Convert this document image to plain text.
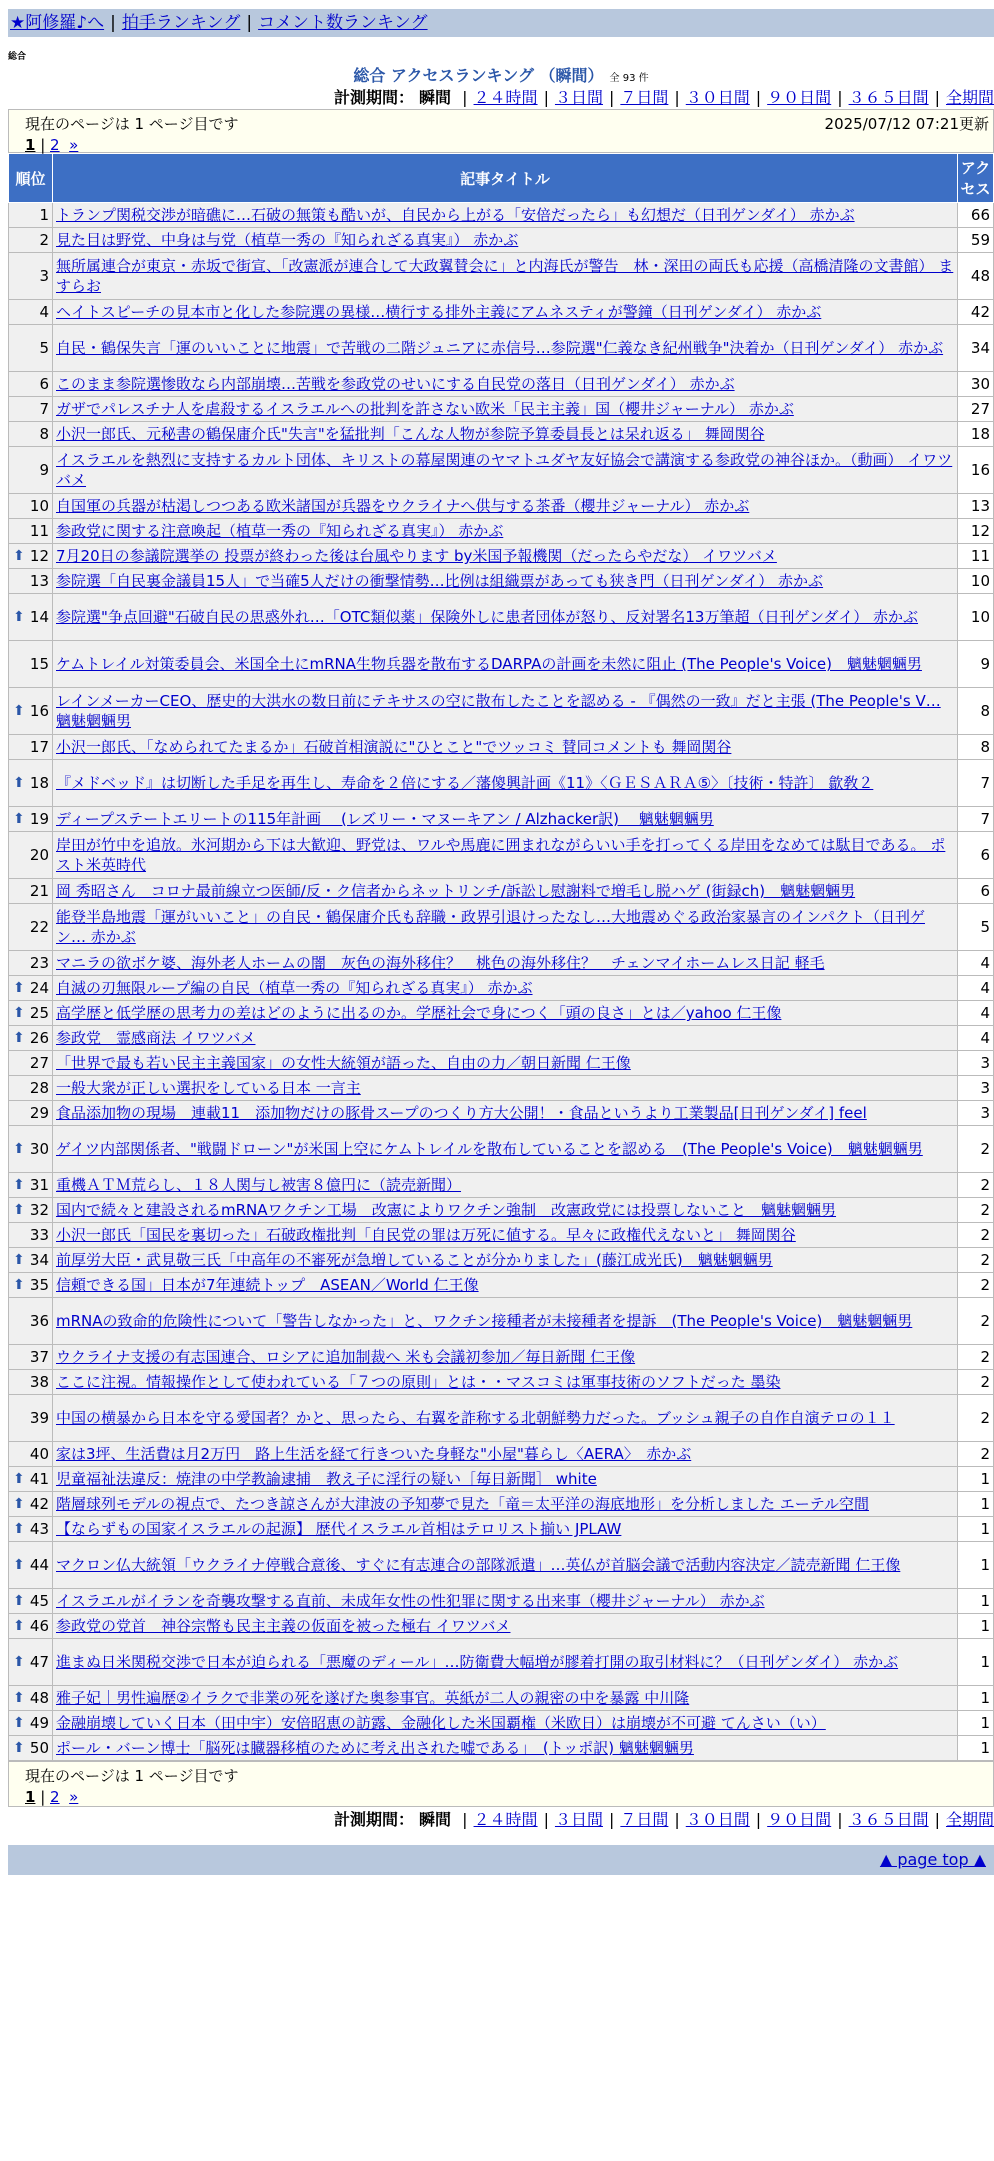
★阿修羅♪へ | 拍手ランキング | コメント数ランキング
総合
総合 アクセスランキング （瞬間） 全 93 件
計測期間： 瞬間 | ２４時間 | ３日間 | ７日間 | ３０日間 | ９０日間 | ３６５日間 | 全期間
現在のページは 1 ページ目です	2025/07/12 07:21更新
1 | 2 »
順位	記事タイトル	アクセス
1	トランプ関税交渉が暗礁に…石破の無策も酷いが、自民から上がる「安倍だったら」も幻想だ（日刊ゲンダイ） 赤かぶ	66
2	見た目は野党、中身は与党（植草一秀の『知られざる真実』） 赤かぶ	59
3	無所属連合が東京・赤坂で街宣、「改憲派が連合して大政翼賛会に」と内海氏が警告　林・深田の両氏も応援（高橋清隆の文書館） ますらお	48
4	ヘイトスピーチの見本市と化した参院選の異様…横行する排外主義にアムネスティが警鐘（日刊ゲンダイ） 赤かぶ	42
5	自民・鶴保失言「運のいいことに地震」で苦戦の二階ジュニアに赤信号…参院選"仁義なき紀州戦争"決着か（日刊ゲンダイ） 赤かぶ	34
6	このまま参院選惨敗なら内部崩壊…苦戦を参政党のせいにする自民党の落日（日刊ゲンダイ） 赤かぶ	30
7	ガザでパレスチナ人を虐殺するイスラエルへの批判を許さない欧米「民主主義」国（櫻井ジャーナル） 赤かぶ	27
8	小沢一郎氏、元秘書の鶴保庸介氏"失言"を猛批判「こんな人物が参院予算委員長とは呆れ返る」 舞岡関谷	18
9	イスラエルを熱烈に支持するカルト団体、キリストの幕屋関連のヤマトユダヤ友好協会で講演する参政党の神谷ほか。（動画） イワツバメ	16
10	自国軍の兵器が枯渇しつつある欧米諸国が兵器をウクライナへ供与する茶番（櫻井ジャーナル） 赤かぶ	13
11	参政党に関する注意喚起（植草一秀の『知られざる真実』） 赤かぶ	12

⬆ 12	7月20日の参議院選挙の 投票が終わった後は台風やります by米国予報機関（だったらやだな） イワツバメ	11
13	参院選「自民裏金議員15人」で当確5人だけの衝撃情勢…比例は組織票があっても狭き門（日刊ゲンダイ） 赤かぶ	10

⬆ 14	参院選"争点回避"石破自民の思惑外れ…「OTC類似薬」保険外しに患者団体が怒り、反対署名13万筆超（日刊ゲンダイ） 赤かぶ	10
15	ケムトレイル対策委員会、米国全土にmRNA生物兵器を散布するDARPAの計画を未然に阻止 (The People's Voice)　魑魅魍魎男	9

⬆ 16	レインメーカーCEO、歴史的大洪水の数日前にテキサスの空に散布したことを認める - 『偶然の一致』だと主張 (The People's V… 魑魅魍魎男	8
17	小沢一郎氏、「なめられてたまるか」石破首相演説に"ひとこと"でツッコミ 賛同コメントも 舞岡関谷	8

⬆ 18	『メドベッド』は切断した手足を再生し、寿命を２倍にする／藩傻興計画《11》〈ＧＥＳＡＲＡ⑤〉〔技術・特許〕 歙敎２	7

⬆ 19	ディープステートエリートの115年計画 　(レズリー・マヌーキアン / Alzhacker訳) 　魑魅魍魎男	7
20	岸田が竹中を追放。氷河期から下は大歓迎、野党は、ワルや馬鹿に囲まれながらいい手を打ってくる岸田をなめては駄目である。 ポスト米英時代	6
21	岡 秀昭さん　コロナ最前線立つ医師/反・ク信者からネットリンチ/訴訟し慰謝料で増毛し脱ハゲ (街録ch)　魑魅魍魎男	6
22	能登半島地震「運がいいこと」の自民・鶴保庸介氏も辞職・政界引退けったなし…大地震めぐる政治家暴言のインパクト（日刊ゲン… 赤かぶ	5
23	マニラの欲ボケ婆、海外老人ホームの闇　灰色の海外移住？　桃色の海外移住？　チェンマイホームレス日記 軽毛	4

⬆ 24	自滅の刃無限ループ編の自民（植草一秀の『知られざる真実』） 赤かぶ	4

⬆ 25	高学歴と低学歴の思考力の差はどのように出るのか。学歴社会で身につく「頭の良さ」とは／yahoo 仁王像	4

⬆ 26	参政党　霊感商法 イワツバメ	4
27	「世界で最も若い民主主義国家」の女性大統領が語った、自由の力／朝日新聞 仁王像	3
28	一般大衆が正しい選択をしている日本 一言主	3
29	食品添加物の現場　連載11　添加物だけの豚骨スープのつくり方大公開！・食品というより工業製品[日刊ゲンダイ] feel	3

⬆ 30	ゲイツ内部関係者、"戦闘ドローン"が米国上空にケムトレイルを散布していることを認める　(The People's Voice)　魑魅魍魎男	2

⬆ 31	重機ＡＴＭ荒らし、１８人関与し被害８億円に（読売新聞）	2

⬆ 32	国内で続々と建設されるmRNAワクチン工場　改憲によりワクチン強制　改憲政党には投票しないこと　魑魅魍魎男	2
33	小沢一郎氏「国民を裏切った」石破政権批判「自民党の罪は万死に値する。早々に政権代えないと」 舞岡関谷	2

⬆ 34	前厚労大臣・武見敬三氏「中高年の不審死が急増していることが分かりました」(藤江成光氏)　魑魅魍魎男	2

⬆ 35	信頼できる国」日本が7年連続トップ　ASEAN／World 仁王像	2
36	mRNAの致命的危険性について「警告しなかった」と、ワクチン接種者が未接種者を提訴　(The People's Voice)　魑魅魍魎男	2
37	ウクライナ支援の有志国連合、ロシアに追加制裁へ 米も会議初参加／毎日新聞 仁王像	2
38	ここに注視。情報操作として使われている「７つの原則」とは・・マスコミは軍事技術のソフトだった 墨染	2
39	中国の横暴から日本を守る愛国者？かと、思ったら、右翼を詐称する北朝鮮勢力だった。ブッシュ親子の自作自演テロの１１	2
40	家は3坪、生活費は月2万円　路上生活を経て行きついた身軽な"小屋"暮らし〈AERA〉　赤かぶ	2

⬆ 41	児童福祉法違反：焼津の中学教諭逮捕　教え子に淫行の疑い［毎日新聞］ white	1

⬆ 42	階層球列モデルの視点で、たつき諒さんが大津波の予知夢で見た「竜＝太平洋の海底地形」を分析しました エーテル空間	1

⬆ 43	【ならずもの国家イスラエルの起源】 歴代イスラエル首相はテロリスト揃い JPLAW	1

⬆ 44	マクロン仏大統領「ウクライナ停戦合意後、すぐに有志連合の部隊派遣」…英仏が首脳会議で活動内容決定／読売新聞 仁王像	1

⬆ 45	イスラエルがイランを奇襲攻撃する直前、未成年女性の性犯罪に関する出来事（櫻井ジャーナル） 赤かぶ	1

⬆ 46	参政党の党首　神谷宗幣も民主主義の仮面を被った極右 イワツバメ	1

⬆ 47	進まぬ日米関税交渉で日本が迫られる「悪魔のディール」…防衛費大幅増が膠着打開の取引材料に？（日刊ゲンダイ） 赤かぶ	1

⬆ 48	雅子妃｜男性遍歴②イラクで非業の死を遂げた奥参事官。英紙が二人の親密の中を暴露 中川隆	1

⬆ 49	金融崩壊していく日本（田中宇）安倍昭恵の訪露、金融化した米国覇権（米欧日）は崩壊が不可避 てんさい（い）	1

⬆ 50	ポール・バーン博士「脳死は臓器移植のために考え出された嘘である」　(トッポ訳) 魑魅魍魎男	1
現在のページは 1 ページ目です
1 | 2 »
計測期間： 瞬間 | ２４時間 | ３日間 | ７日間 | ３０日間 | ９０日間 | ３６５日間 | 全期間
▲ page top ▲
